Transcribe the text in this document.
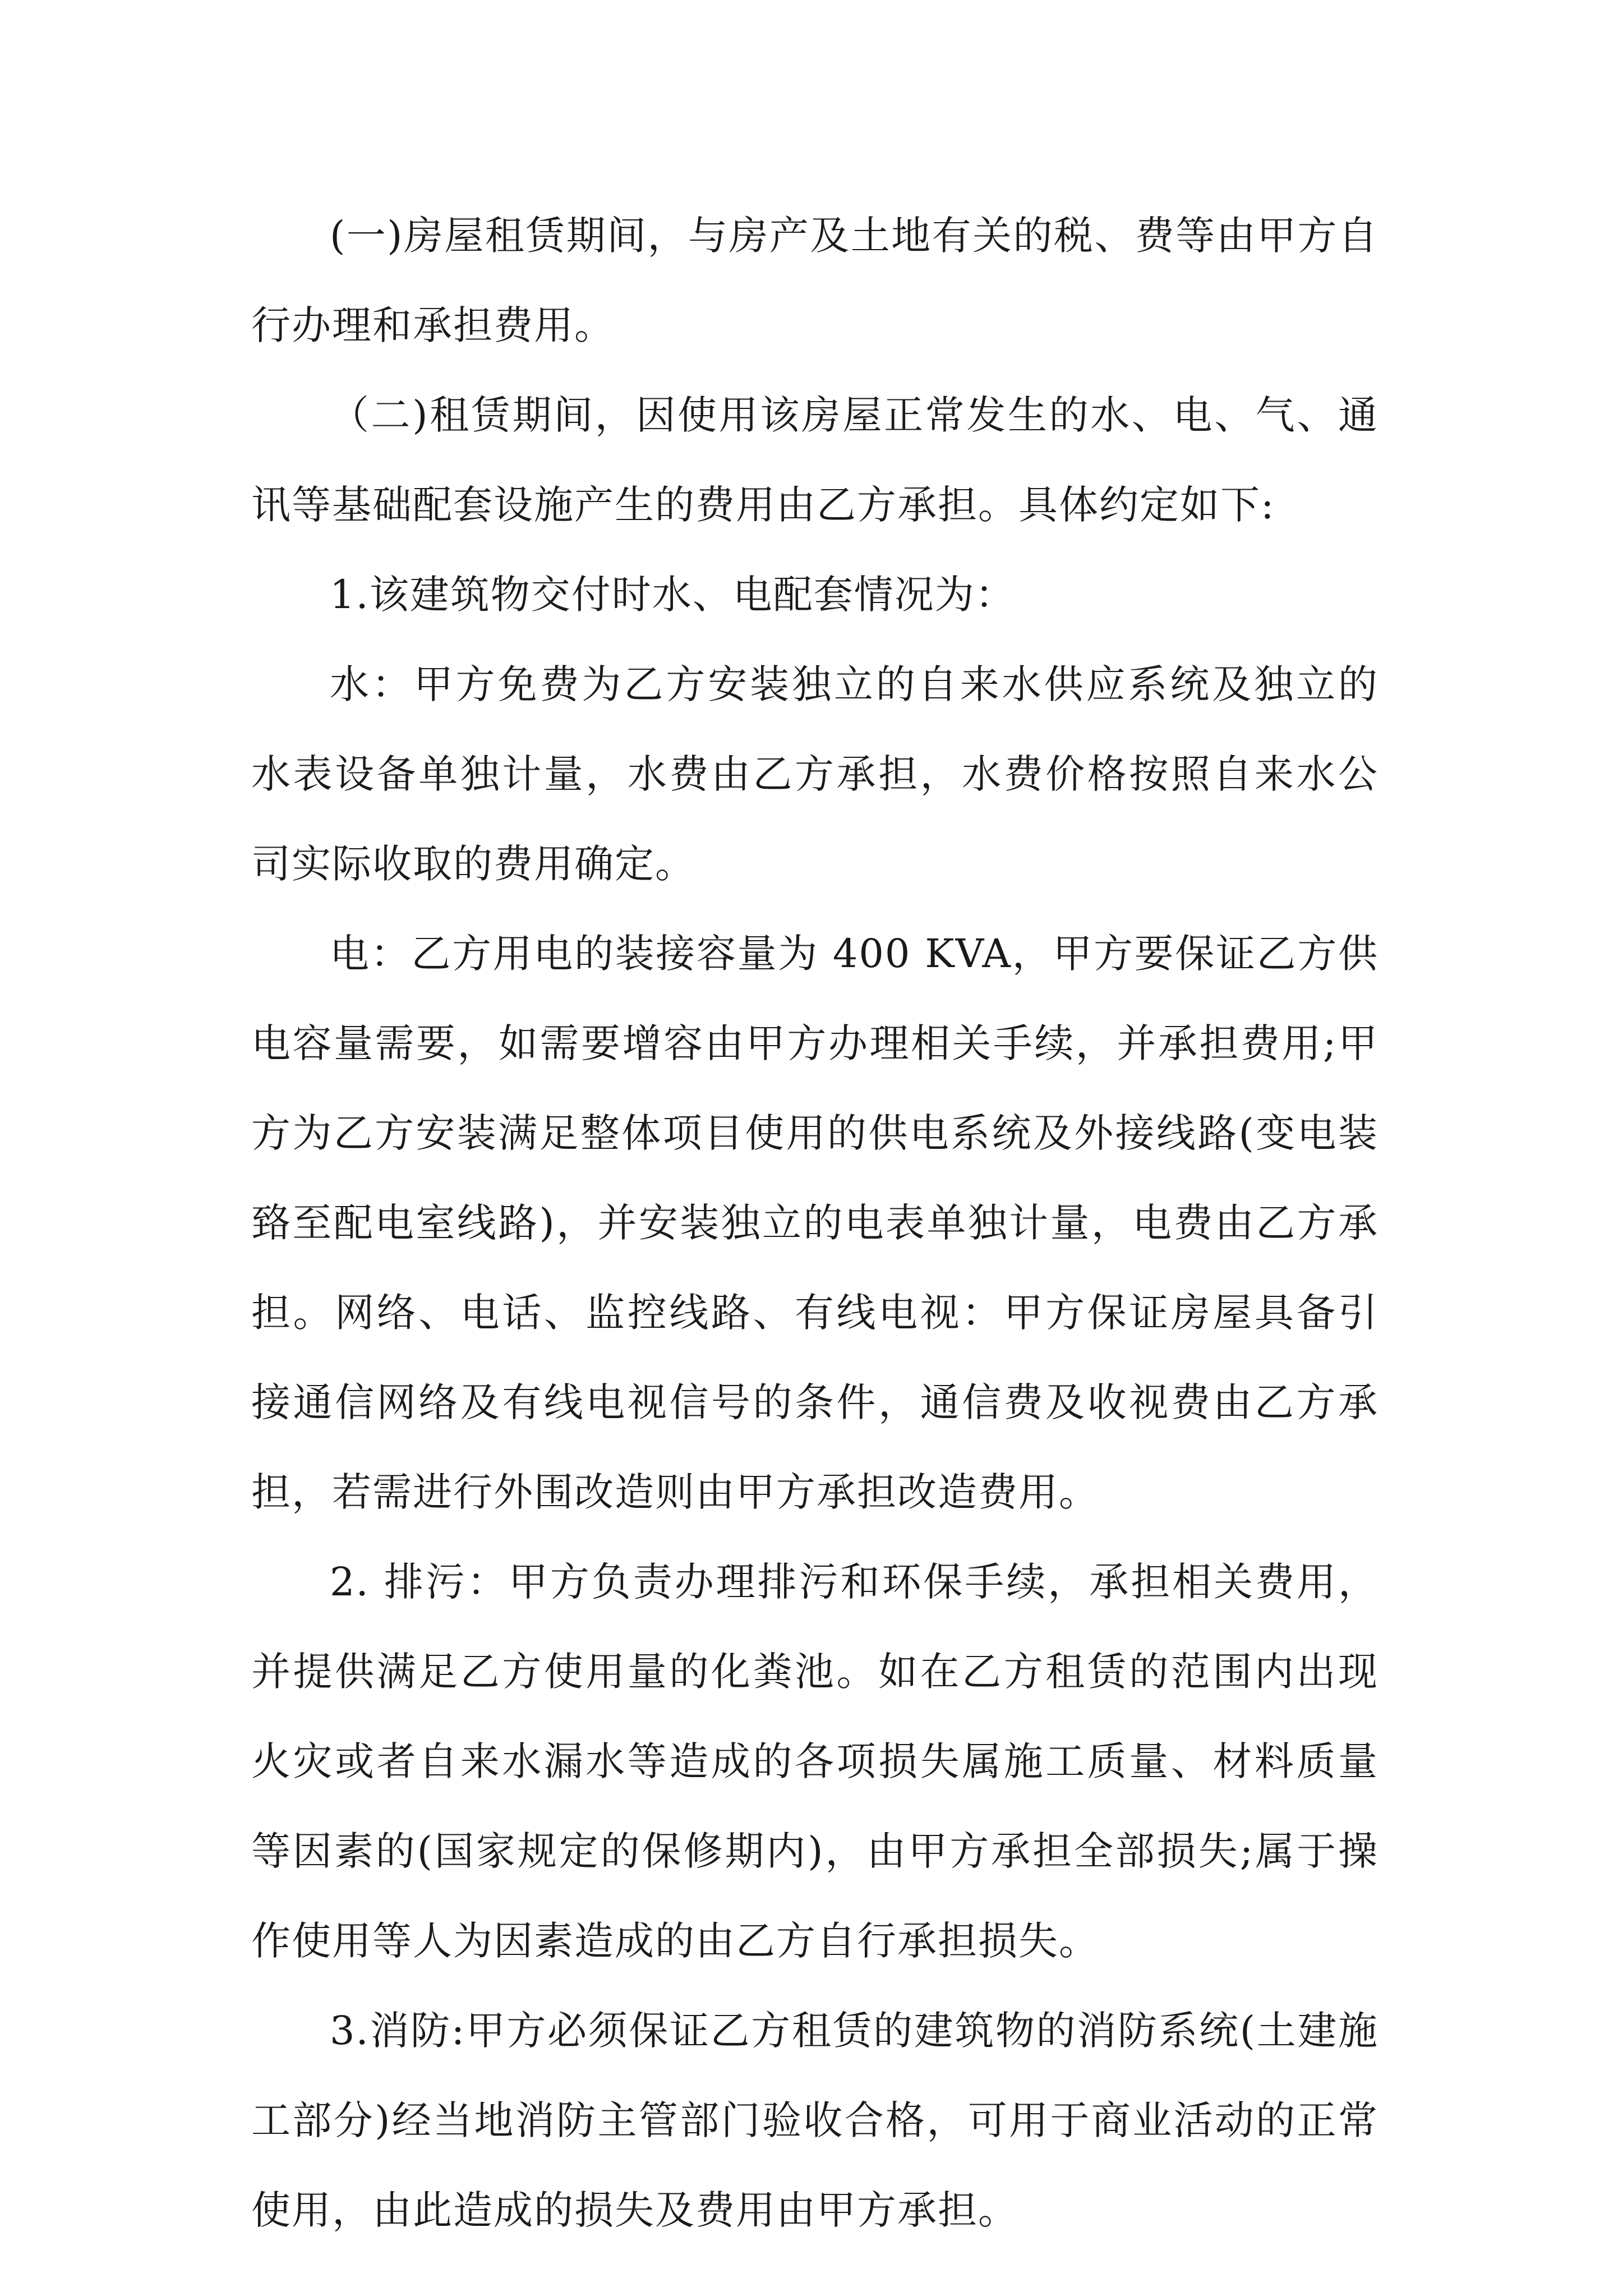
(一)房屋租赁期间，与房产及土地有关的税、费等由甲方自行办理和承担费用。

（二)租赁期间，因使用该房屋正常发生的水、电、气、通讯等基础配套设施产生的费用由乙方承担。具体约定如下:

1.该建筑物交付时水、电配套情况为：

水：甲方免费为乙方安装独立的自来水供应系统及独立的水表设备单独计量，水费由乙方承担，水费价格按照自来水公司实际收取的费用确定。

电：乙方用电的装接容量为 400 KVA，甲方要保证乙方供电容量需要，如需要增容由甲方办理相关手续，并承担费用;甲方为乙方安装满足整体项目使用的供电系统及外接线路(变电装臵至配电室线路)，并安装独立的电表单独计量，电费由乙方承担。网络、电话、监控线路、有线电视：甲方保证房屋具备引接通信网络及有线电视信号的条件，通信费及收视费由乙方承担，若需进行外围改造则由甲方承担改造费用。

2. 排污：甲方负责办理排污和环保手续，承担相关费用，并提供满足乙方使用量的化粪池。如在乙方租赁的范围内出现火灾或者自来水漏水等造成的各项损失属施工质量、材料质量等因素的(国家规定的保修期内)，由甲方承担全部损失;属于操作使用等人为因素造成的由乙方自行承担损失。

3.消防:甲方必须保证乙方租赁的建筑物的消防系统(土建施工部分)经当地消防主管部门验收合格，可用于商业活动的正常使用，由此造成的损失及费用由甲方承担。
